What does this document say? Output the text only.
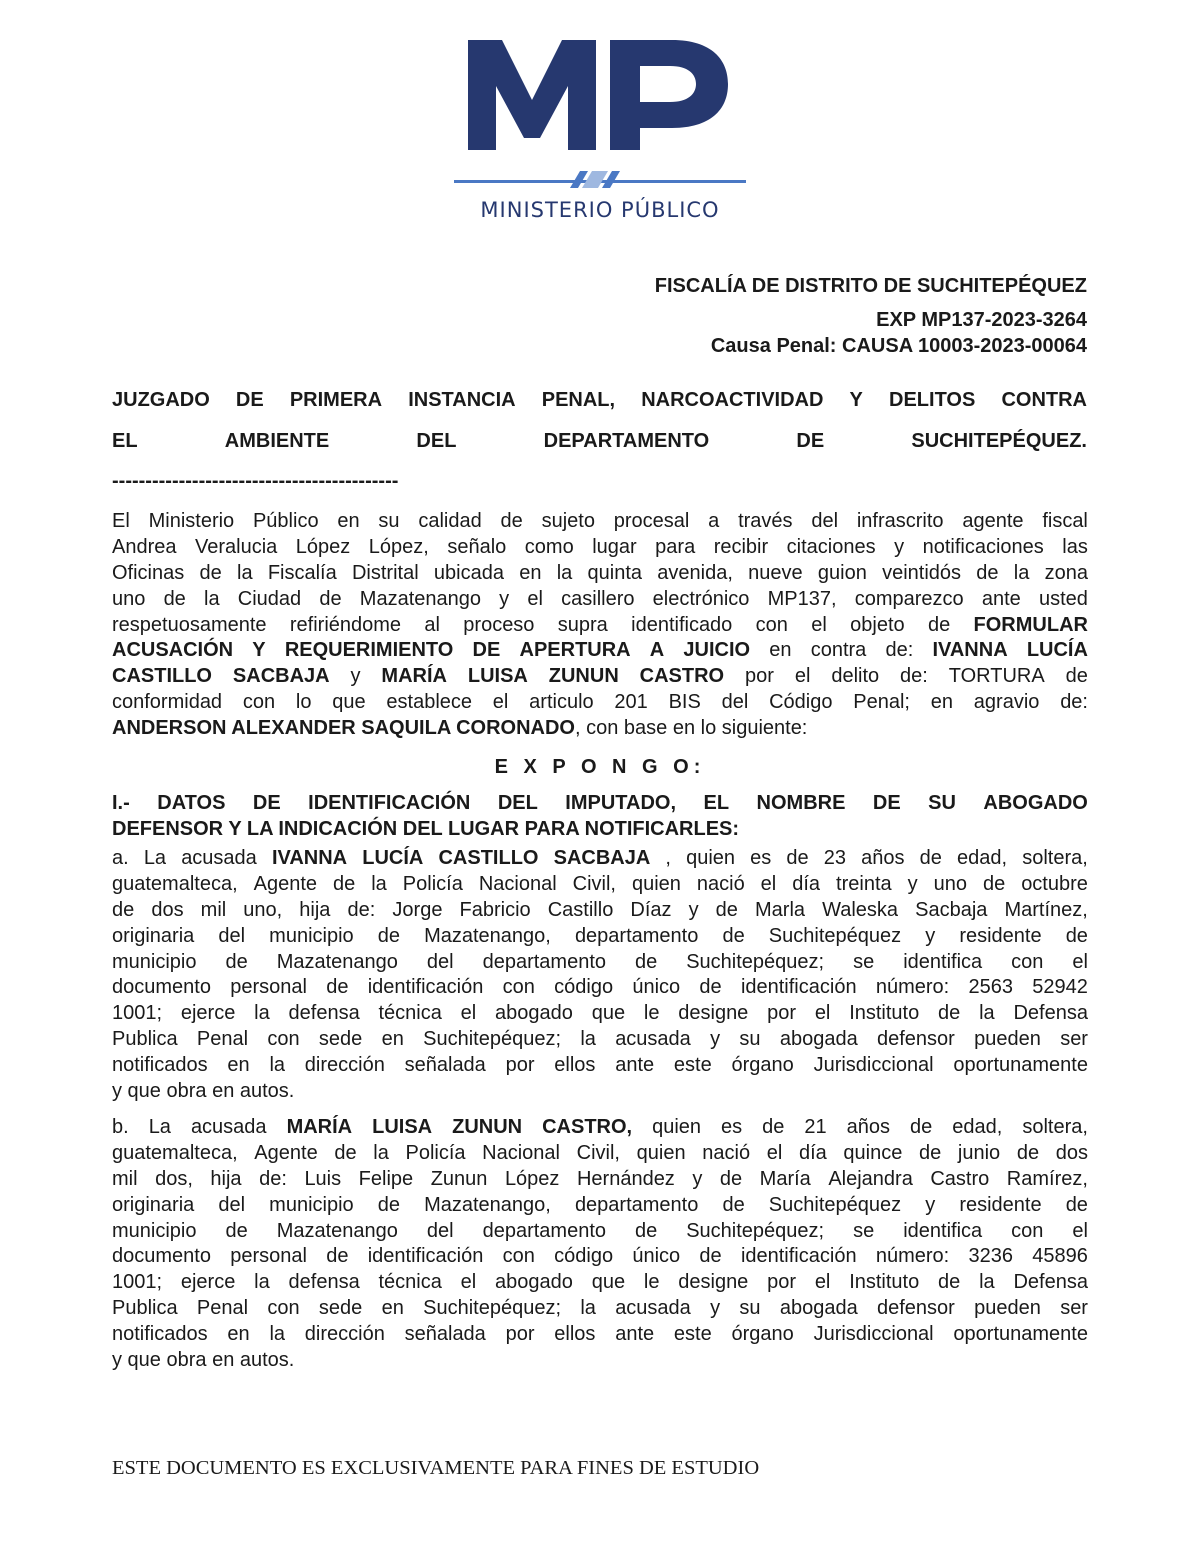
MINISTERIO PÚBLICO
FISCALÍA DE DISTRITO DE SUCHITEPÉQUEZ
EXP MP137-2023-3264
Causa Penal: CAUSA 10003-2023-00064
JUZGADO DE PRIMERA INSTANCIA PENAL, NARCOACTIVIDAD Y DELITOS CONTRA
EL	AMBIENTE	DEL	DEPARTAMENTO	DE	SUCHITEPÉQUEZ.
-------------------------------------------
El Ministerio Público en su calidad de sujeto procesal a través del infrascrito agente fiscal
Andrea Veralucia López López, señalo como lugar para recibir citaciones y notificaciones las
Oficinas de la Fiscalía Distrital ubicada en la quinta avenida, nueve guion veintidós de la zona
uno de la Ciudad de Mazatenango y el casillero electrónico MP137, comparezco ante usted
respetuosamente refiriéndome al proceso supra identificado con el objeto de FORMULAR
ACUSACIÓN Y REQUERIMIENTO DE APERTURA A JUICIO en contra de: IVANNA LUCÍA
CASTILLO SACBAJA y MARÍA LUISA ZUNUN CASTRO por el delito de: TORTURA de
conformidad con lo que establece el articulo 201 BIS del Código Penal; en agravio de:
ANDERSON ALEXANDER SAQUILA CORONADO , con base en lo siguiente:
E X P O N G O:
I.- DATOS DE IDENTIFICACIÓN DEL IMPUTADO, EL NOMBRE DE SU ABOGADO
DEFENSOR Y LA INDICACIÓN DEL LUGAR PARA NOTIFICARLES:
a. La acusada IVANNA LUCÍA CASTILLO SACBAJA , quien es de 23 años de edad, soltera,
guatemalteca, Agente de la Policía Nacional Civil, quien nació el día treinta y uno de octubre
de dos mil uno, hija de: Jorge Fabricio Castillo Díaz y de Marla Waleska Sacbaja Martínez,
originaria del municipio de Mazatenango, departamento de Suchitepéquez y residente de
municipio de Mazatenango del departamento de Suchitepéquez; se identifica con el
documento personal de identificación con código único de identificación número: 2563 52942
1001; ejerce la defensa técnica el abogado que le designe por el Instituto de la Defensa
Publica Penal con sede en Suchitepéquez; la acusada y su abogada defensor pueden ser
notificados en la dirección señalada por ellos ante este órgano Jurisdiccional oportunamente
y que obra en autos.
b. La acusada MARÍA LUISA ZUNUN CASTRO, quien es de 21 años de edad, soltera,
guatemalteca, Agente de la Policía Nacional Civil, quien nació el día quince de junio de dos
mil dos, hija de: Luis Felipe Zunun López Hernández y de María Alejandra Castro Ramírez,
originaria del municipio de Mazatenango, departamento de Suchitepéquez y residente de
municipio de Mazatenango del departamento de Suchitepéquez; se identifica con el
documento personal de identificación con código único de identificación número: 3236 45896
1001; ejerce la defensa técnica el abogado que le designe por el Instituto de la Defensa
Publica Penal con sede en Suchitepéquez; la acusada y su abogada defensor pueden ser
notificados en la dirección señalada por ellos ante este órgano Jurisdiccional oportunamente
y que obra en autos.
ESTE DOCUMENTO ES EXCLUSIVAMENTE PARA FINES DE ESTUDIO
